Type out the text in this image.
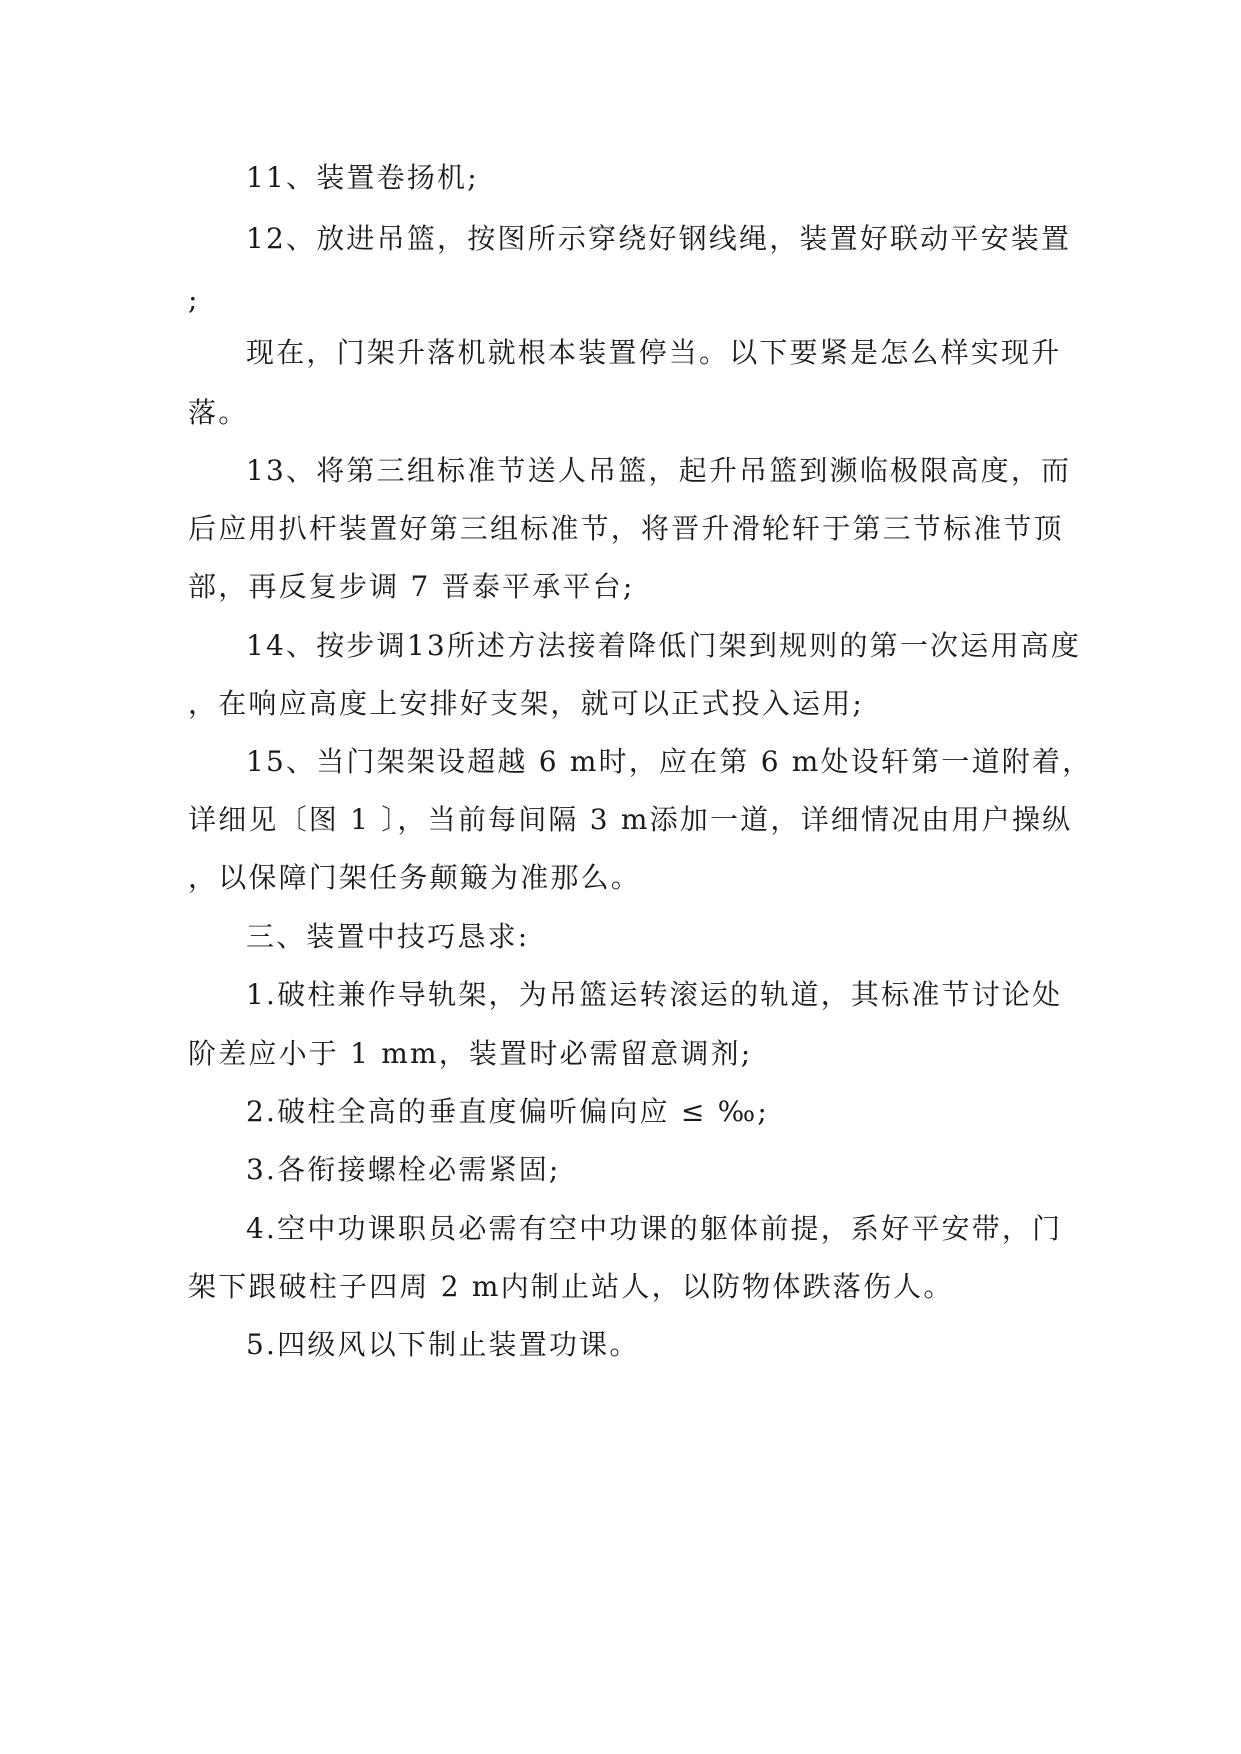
11、装置卷扬机;
12、放进吊篮，按图所示穿绕好钢线绳，装置好联动平安装置
;
现在，门架升落机就根本装置停当。以下要紧是怎么样实现升
落。
13、将第三组标准节送人吊篮，起升吊篮到濒临极限高度，而
后应用扒杆装置好第三组标准节，将晋升滑轮轩于第三节标准节顶
部，再反复步调 7 晋泰平承平台;
14、按步调13所述方法接着降低门架到规则的第一次运用高度
，在响应高度上安排好支架，就可以正式投入运用;
15、当门架架设超越 6 m时，应在第 6 m处设轩第一道附着，
详细见〔图 1 〕，当前每间隔 3 m添加一道，详细情况由用户操纵
，以保障门架任务颠簸为准那么。
三、装置中技巧恳求:
1.破柱兼作导轨架，为吊篮运转滚运的轨道，其标准节讨论处
阶差应小于 1 mm，装置时必需留意调剂;
2.破柱全高的垂直度偏听偏向应 ≤ ‰;
3.各衔接螺栓必需紧固;
4.空中功课职员必需有空中功课的躯体前提，系好平安带，门
架下跟破柱子四周 2 m内制止站人，以防物体跌落伤人。
5.四级风以下制止装置功课。
